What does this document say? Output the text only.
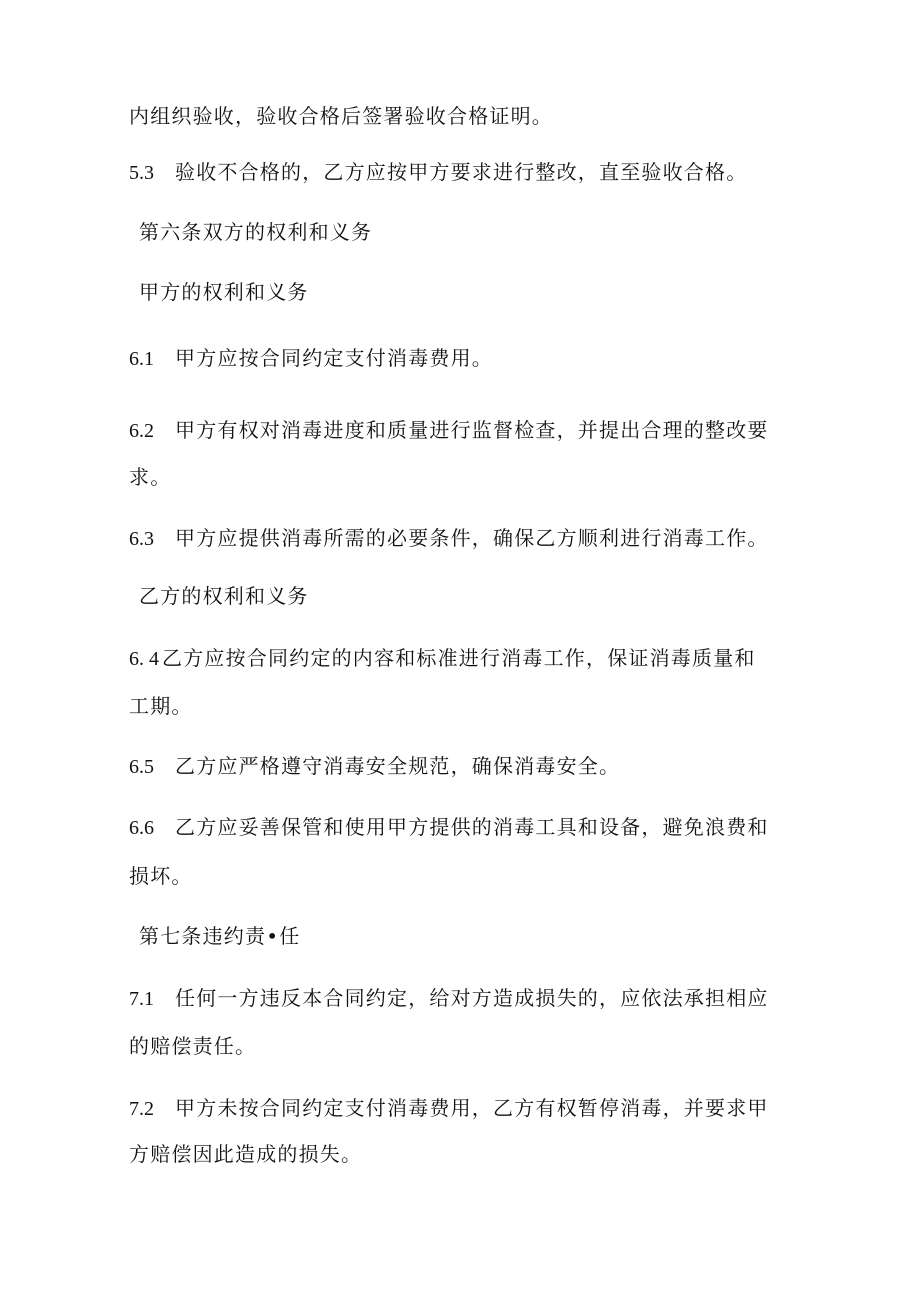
内组织验收，验收合格后签署验收合格证明。
5.3 验收不合格的，乙方应按甲方要求进行整改，直至验收合格。
第六条双方的权利和义务
甲方的权利和义务
6.1 甲方应按合同约定支付消毒费用。
6.2 甲方有权对消毒进度和质量进行监督检查，并提出合理的整改要
求。
6.3 甲方应提供消毒所需的必要条件，确保乙方顺利进行消毒工作。
乙方的权利和义务
6. 4 乙方应按合同约定的内容和标准进行消毒工作，保证消毒质量和
工期。
6.5 乙方应严格遵守消毒安全规范，确保消毒安全。
6.6 乙方应妥善保管和使用甲方提供的消毒工具和设备，避免浪费和
损坏。
第七条违约责•任
7.1 任何一方违反本合同约定，给对方造成损失的，应依法承担相应
的赔偿责任。
7.2 甲方未按合同约定支付消毒费用，乙方有权暂停消毒，并要求甲
方赔偿因此造成的损失。
